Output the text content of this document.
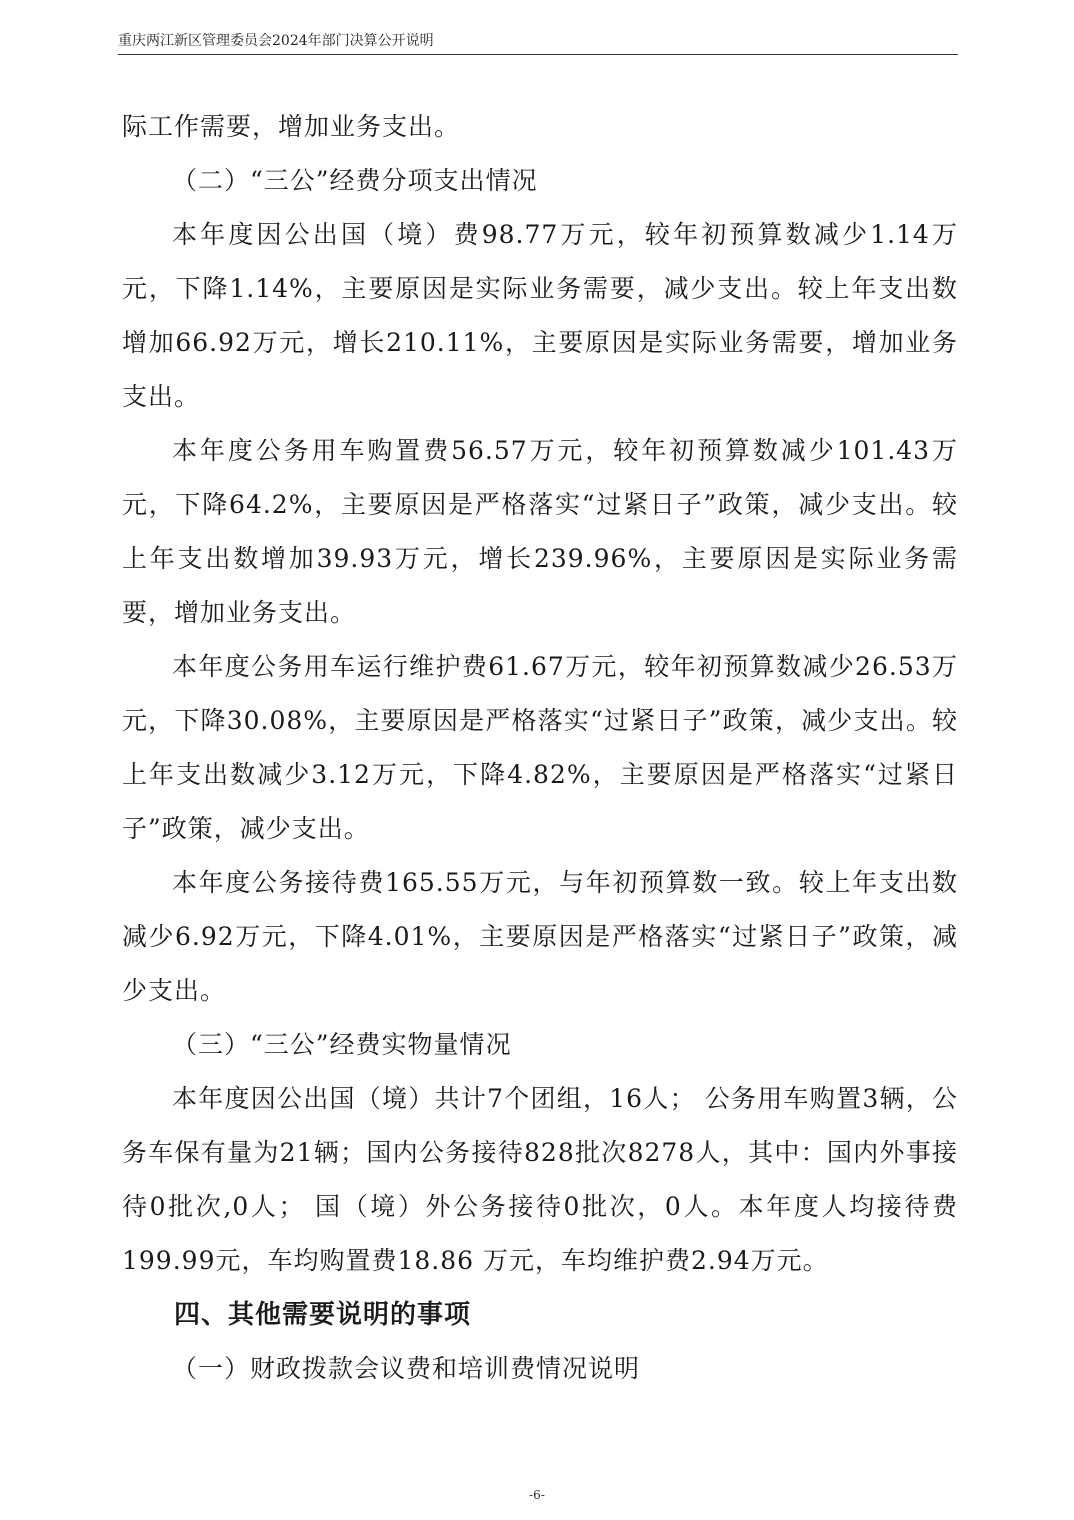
重庆两江新区管理委员会2024年部门决算公开说明

际工作需要，增加业务支出。

（二）“三公”经费分项支出情况

本年度因公出国（境）费98.77万元，较年初预算数减少1.14万元，下降1.14%，主要原因是实际业务需要，减少支出。较上年支出数增加66.92万元，增长210.11%，主要原因是实际业务需要，增加业务支出。

本年度公务用车购置费56.57万元，较年初预算数减少101.43万元，下降64.2%，主要原因是严格落实“过紧日子”政策，减少支出。较上年支出数增加39.93万元，增长239.96%，主要原因是实际业务需要，增加业务支出。

本年度公务用车运行维护费61.67万元，较年初预算数减少26.53万元，下降30.08%，主要原因是严格落实“过紧日子”政策，减少支出。较上年支出数减少3.12万元，下降4.82%，主要原因是严格落实“过紧日子”政策，减少支出。

本年度公务接待费165.55万元，与年初预算数一致。较上年支出数减少6.92万元，下降4.01%，主要原因是严格落实“过紧日子”政策，减少支出。

（三）“三公”经费实物量情况

本年度因公出国（境）共计7个团组，16人； 公务用车购置3辆，公务车保有量为21辆；国内公务接待828批次8278人，其中：国内外事接待0批次,0人； 国（境）外公务接待0批次，0人。本年度人均接待费199.99元，车均购置费18.86 万元，车均维护费2.94万元。

四、其他需要说明的事项

（一）财政拨款会议费和培训费情况说明

-6-
